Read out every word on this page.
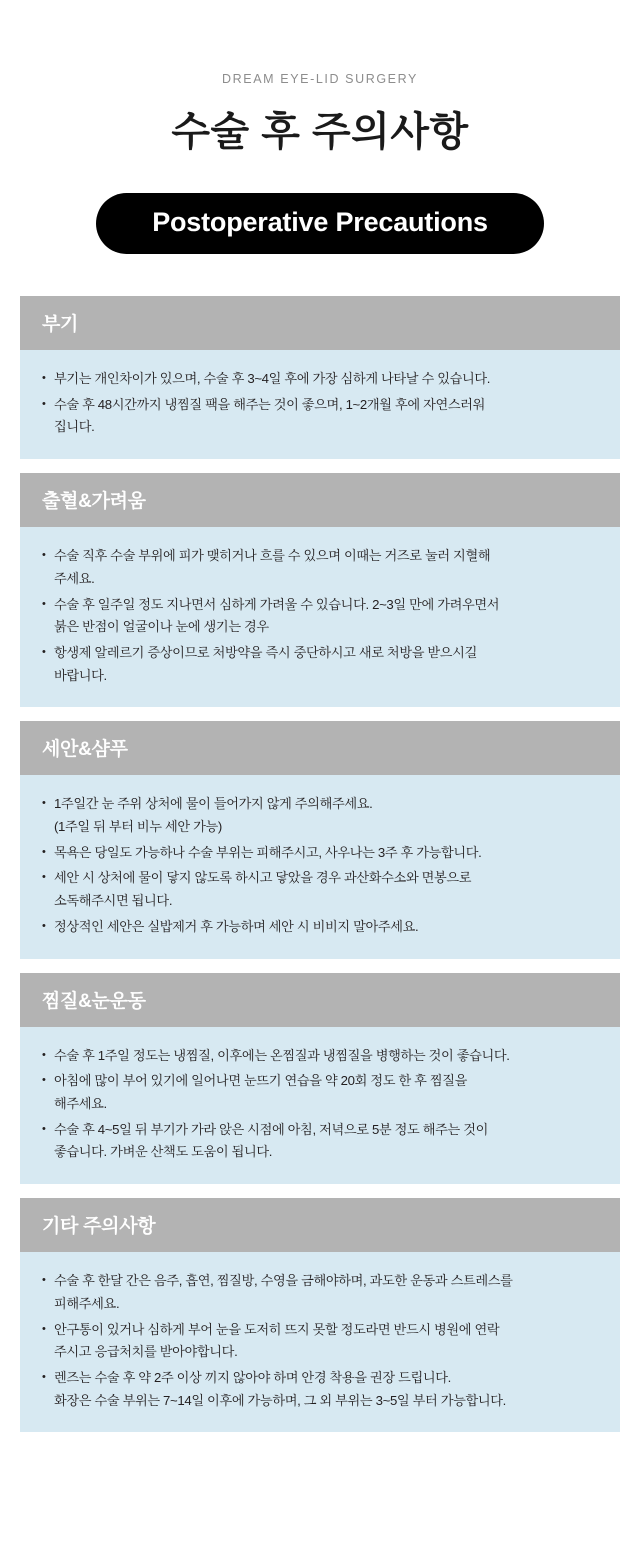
DREAM EYE-LID SURGERY
수술 후 주의사항
Postoperative Precautions
부기
• 부기는 개인차이가 있으며, 수술 후 3~4일 후에 가장 심하게 나타날 수 있습니다.
• 수술 후 48시간까지 냉찜질 팩을 해주는 것이 좋으며, 1~2개월 후에 자연스러워
집니다.
출혈&가려움
• 수술 직후 수술 부위에 피가 맺히거나 흐를 수 있으며 이때는 거즈로 눌러 지혈해
주세요.
• 수술 후 일주일 정도 지나면서 심하게 가려울 수 있습니다. 2~3일 만에 가려우면서
붉은 반점이 얼굴이나 눈에 생기는 경우
• 항생제 알레르기 증상이므로 처방약을 즉시 중단하시고 새로 처방을 받으시길
바랍니다.
세안&샴푸
• 1주일간 눈 주위 상처에 물이 들어가지 않게 주의해주세요.
(1주일 뒤 부터 비누 세안 가능)
• 목욕은 당일도 가능하나 수술 부위는 피해주시고, 사우나는 3주 후 가능합니다.
• 세안 시 상처에 물이 닿지 않도록 하시고 닿았을 경우 과산화수소와 면봉으로
소독해주시면 됩니다.
• 정상적인 세안은 실밥제거 후 가능하며 세안 시 비비지 말아주세요.
찜질&눈운동
• 수술 후 1주일 정도는 냉찜질, 이후에는 온찜질과 냉찜질을 병행하는 것이 좋습니다.
• 아침에 많이 부어 있기에 일어나면 눈뜨기 연습을 약 20회 정도 한 후 찜질을
해주세요.
• 수술 후 4~5일 뒤 부기가 가라 앉은 시점에 아침, 저녁으로 5분 정도 해주는 것이
좋습니다. 가벼운 산책도 도움이 됩니다.
기타 주의사항
• 수술 후 한달 간은 음주, 흡연, 찜질방, 수영을 금해야하며, 과도한 운동과 스트레스를
피해주세요.
• 안구통이 있거나 심하게 부어 눈을 도저히 뜨지 못할 정도라면 반드시 병원에 연락
주시고 응급처치를 받아야합니다.
• 렌즈는 수술 후 약 2주 이상 끼지 않아야 하며 안경 착용을 권장 드립니다.
화장은 수술 부위는 7~14일 이후에 가능하며, 그 외 부위는 3~5일 부터 가능합니다.
